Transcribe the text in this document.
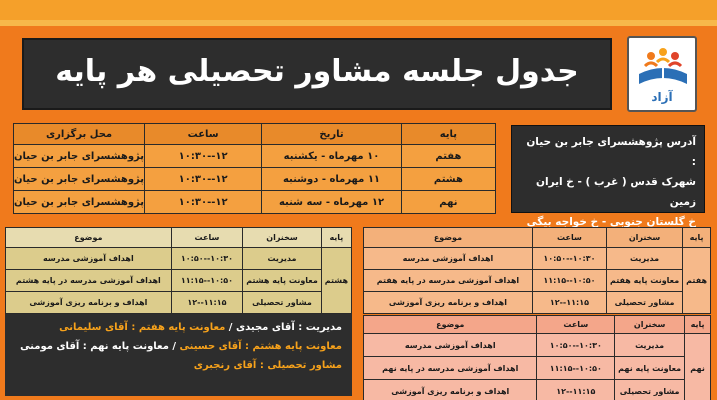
جدول جلسه مشاور تحصیلی هر پایه
آزاد
پایه	تاریخ	ساعت	محل برگزاری
هفتم	۱۰ مهرماه - یکشنبه	۱۲--۱۰:۳۰	پژوهشسرای جابر بن حیان
هشتم	۱۱ مهرماه - دوشنبه	۱۲--۱۰:۳۰	پژوهشسرای جابر بن حیان
نهم	۱۲ مهرماه - سه شنبه	۱۲--۱۰:۳۰	پژوهشسرای جابر بن حیان
آدرس پژوهشسرای جابر بن حیان :
شهرک قدس ( غرب ) - خ ایران زمین
خ گلستان جنوبی - خ خواجه بیگی
پایه	سخنران	ساعت	موضوع
هفتم	مدیریت	۱۰:۳۰--۱۰:۵۰	اهداف آموزشی مدرسه
	معاونت پایه هفتم	۱۰:۵۰--۱۱:۱۵	اهداف آموزشی مدرسه در پایه هفتم
	مشاور تحصیلی	۱۱:۱۵--۱۲	اهداف و برنامه ریزی آموزشی
پایه	سخنران	ساعت	موضوع
هشتم	مدیریت	۱۰:۳۰--۱۰:۵۰	اهداف آموزشی مدرسه
	معاونت پایه هشتم	۱۰:۵۰--۱۱:۱۵	اهداف آموزشی مدرسه در پایه هشتم
	مشاور تحصیلی	۱۱:۱۵--۱۲	اهداف و برنامه ریزی آموزشی
پایه	سخنران	ساعت	موضوع
نهم	مدیریت	۱۰:۳۰--۱۰:۵۰	اهداف آموزشی مدرسه
	معاونت پایه نهم	۱۰:۵۰--۱۱:۱۵	اهداف آموزشی مدرسه در پایه نهم
	مشاور تحصیلی	۱۱:۱۵--۱۲	اهداف و برنامه ریزی آموزشی
مدیریت : آقای مجیدی / معاونت پایه هفتم : آقای سلیمانی
معاونت پایه هشتم : آقای حسینی / معاونت پایه نهم : آقای مومنی
مشاور تحصیلی : آقای رنجبری
